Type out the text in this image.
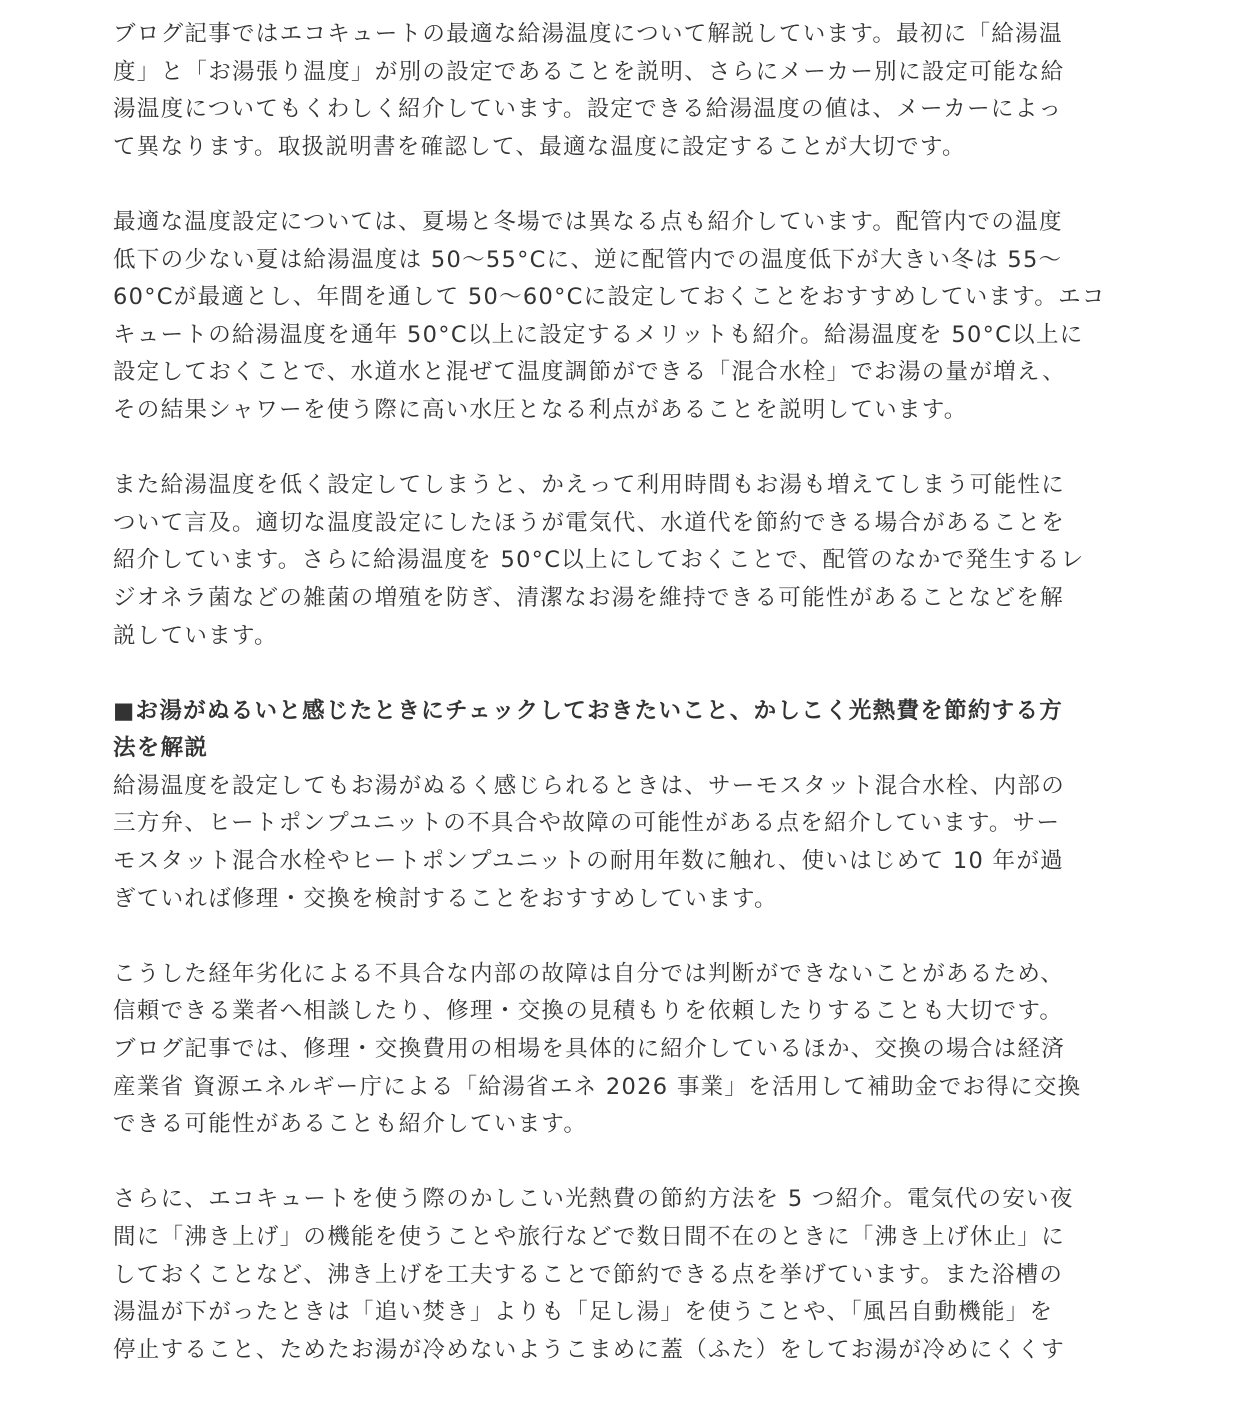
ブログ記事ではエコキュートの最適な給湯温度について解説しています。最初に「給湯温
度」と「お湯張り温度」が別の設定であることを説明、さらにメーカー別に設定可能な給
湯温度についてもくわしく紹介しています。設定できる給湯温度の値は、メーカーによっ
て異なります。取扱説明書を確認して、最適な温度に設定することが大切です。

最適な温度設定については、夏場と冬場では異なる点も紹介しています。配管内での温度
低下の少ない夏は給湯温度は 50〜55°Cに、逆に配管内での温度低下が大きい冬は 55〜
60°Cが最適とし、年間を通して 50〜60°Cに設定しておくことをおすすめしています。エコ
キュートの給湯温度を通年 50°C以上に設定するメリットも紹介。給湯温度を 50°C以上に
設定しておくことで、水道水と混ぜて温度調節ができる「混合水栓」でお湯の量が増え、
その結果シャワーを使う際に高い水圧となる利点があることを説明しています。

また給湯温度を低く設定してしまうと、かえって利用時間もお湯も増えてしまう可能性に
ついて言及。適切な温度設定にしたほうが電気代、水道代を節約できる場合があることを
紹介しています。さらに給湯温度を 50°C以上にしておくことで、配管のなかで発生するレ
ジオネラ菌などの雑菌の増殖を防ぎ、清潔なお湯を維持できる可能性があることなどを解
説しています。

■お湯がぬるいと感じたときにチェックしておきたいこと、かしこく光熱費を節約する方
法を解説

給湯温度を設定してもお湯がぬるく感じられるときは、サーモスタット混合水栓、内部の
三方弁、ヒートポンプユニットの不具合や故障の可能性がある点を紹介しています。サー
モスタット混合水栓やヒートポンプユニットの耐用年数に触れ、使いはじめて 10 年が過
ぎていれば修理・交換を検討することをおすすめしています。

こうした経年劣化による不具合な内部の故障は自分では判断ができないことがあるため、
信頼できる業者へ相談したり、修理・交換の見積もりを依頼したりすることも大切です。
ブログ記事では、修理・交換費用の相場を具体的に紹介しているほか、交換の場合は経済
産業省 資源エネルギー庁による「給湯省エネ 2026 事業」を活用して補助金でお得に交換
できる可能性があることも紹介しています。

さらに、エコキュートを使う際のかしこい光熱費の節約方法を 5 つ紹介。電気代の安い夜
間に「沸き上げ」の機能を使うことや旅行などで数日間不在のときに「沸き上げ休止」に
しておくことなど、沸き上げを工夫することで節約できる点を挙げています。また浴槽の
湯温が下がったときは「追い焚き」よりも「足し湯」を使うことや、「風呂自動機能」を
停止すること、ためたお湯が冷めないようこまめに蓋（ふた）をしてお湯が冷めにくくす
